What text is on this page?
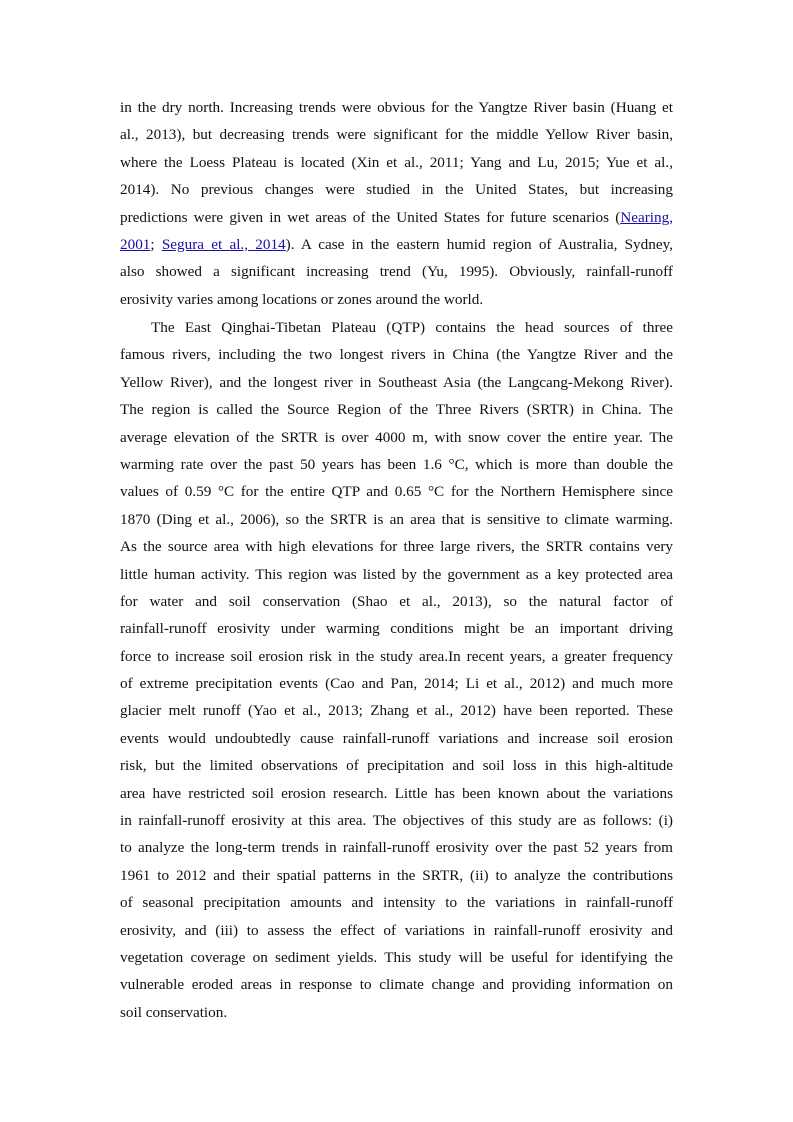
in the dry north. Increasing trends were obvious for the Yangtze River basin (Huang et
al., 2013), but decreasing trends were significant for the middle Yellow River basin,
where the Loess Plateau is located (Xin et al., 2011; Yang and Lu, 2015; Yue et al.,
2014). No previous changes were studied in the United States, but increasing
predictions were given in wet areas of the United States for future scenarios (Nearing,
2001; Segura et al., 2014). A case in the eastern humid region of Australia, Sydney,
also showed a significant increasing trend (Yu, 1995). Obviously, rainfall-runoff
erosivity varies among locations or zones around the world.
The East Qinghai-Tibetan Plateau (QTP) contains the head sources of three
famous rivers, including the two longest rivers in China (the Yangtze River and the
Yellow River), and the longest river in Southeast Asia (the Langcang-Mekong River).
The region is called the Source Region of the Three Rivers (SRTR) in China. The
average elevation of the SRTR is over 4000 m, with snow cover the entire year. The
warming rate over the past 50 years has been 1.6 °C, which is more than double the
values of 0.59 °C for the entire QTP and 0.65 °C for the Northern Hemisphere since
1870 (Ding et al., 2006), so the SRTR is an area that is sensitive to climate warming.
As the source area with high elevations for three large rivers, the SRTR contains very
little human activity. This region was listed by the government as a key protected area
for water and soil conservation (Shao et al., 2013), so the natural factor of
rainfall-runoff erosivity under warming conditions might be an important driving
force to increase soil erosion risk in the study area.In recent years, a greater frequency
of extreme precipitation events (Cao and Pan, 2014; Li et al., 2012) and much more
glacier melt runoff (Yao et al., 2013; Zhang et al., 2012) have been reported. These
events would undoubtedly cause rainfall-runoff variations and increase soil erosion
risk, but the limited observations of precipitation and soil loss in this high-altitude
area have restricted soil erosion research. Little has been known about the variations
in rainfall-runoff erosivity at this area. The objectives of this study are as follows: (i)
to analyze the long-term trends in rainfall-runoff erosivity over the past 52 years from
1961 to 2012 and their spatial patterns in the SRTR, (ii) to analyze the contributions
of seasonal precipitation amounts and intensity to the variations in rainfall-runoff
erosivity, and (iii) to assess the effect of variations in rainfall-runoff erosivity and
vegetation coverage on sediment yields. This study will be useful for identifying the
vulnerable eroded areas in response to climate change and providing information on
soil conservation.
